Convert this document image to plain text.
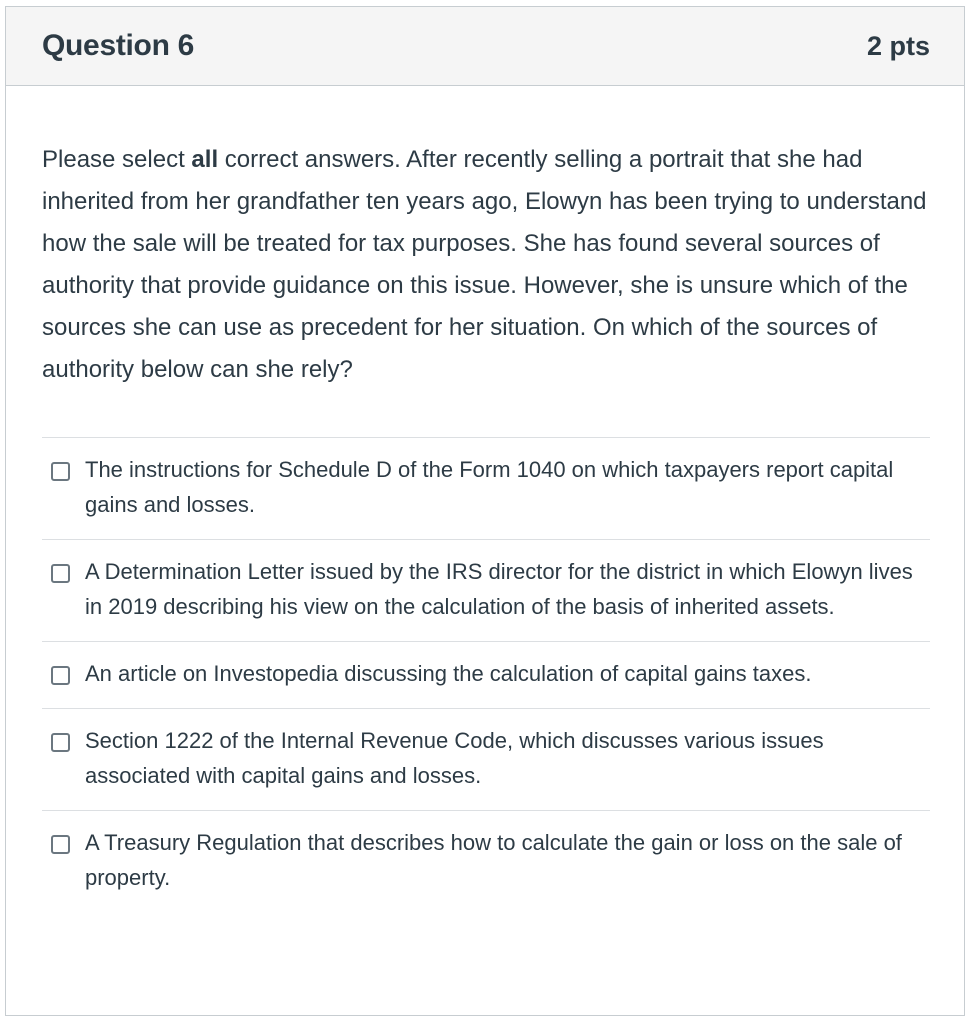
Question 6	2 pts

Please select all correct answers. After recently selling a portrait that she had inherited from her grandfather ten years ago, Elowyn has been trying to understand how the sale will be treated for tax purposes. She has found several sources of authority that provide guidance on this issue. However, she is unsure which of the sources she can use as precedent for her situation. On which of the sources of authority below can she rely?

The instructions for Schedule D of the Form 1040 on which taxpayers report capital gains and losses.
A Determination Letter issued by the IRS director for the district in which Elowyn lives in 2019 describing his view on the calculation of the basis of inherited assets.
An article on Investopedia discussing the calculation of capital gains taxes.
Section 1222 of the Internal Revenue Code, which discusses various issues associated with capital gains and losses.
A Treasury Regulation that describes how to calculate the gain or loss on the sale of property.
